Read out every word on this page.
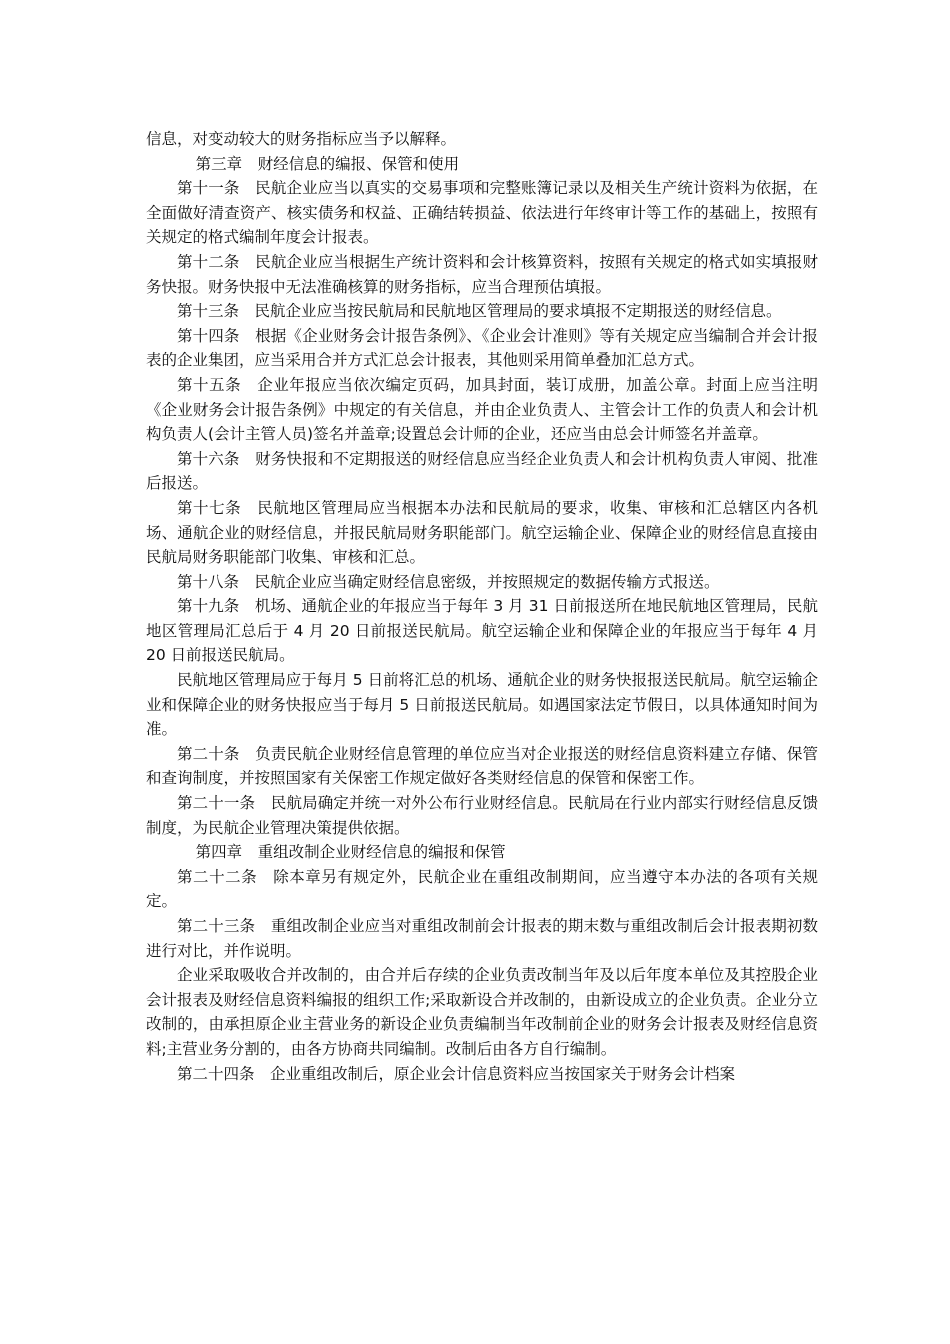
信息，对变动较大的财务指标应当予以解释。

第三章　财经信息的编报、保管和使用

第十一条　民航企业应当以真实的交易事项和完整账簿记录以及相关生产统计资料为依据，在全面做好清查资产、核实债务和权益、正确结转损益、依法进行年终审计等工作的基础上，按照有关规定的格式编制年度会计报表。

第十二条　民航企业应当根据生产统计资料和会计核算资料，按照有关规定的格式如实填报财务快报。财务快报中无法准确核算的财务指标，应当合理预估填报。

第十三条　民航企业应当按民航局和民航地区管理局的要求填报不定期报送的财经信息。

第十四条　根据《企业财务会计报告条例》、《企业会计准则》等有关规定应当编制合并会计报表的企业集团，应当采用合并方式汇总会计报表，其他则采用简单叠加汇总方式。

第十五条　企业年报应当依次编定页码，加具封面，装订成册，加盖公章。封面上应当注明《企业财务会计报告条例》中规定的有关信息，并由企业负责人、主管会计工作的负责人和会计机构负责人(会计主管人员)签名并盖章;设置总会计师的企业，还应当由总会计师签名并盖章。

第十六条　财务快报和不定期报送的财经信息应当经企业负责人和会计机构负责人审阅、批准后报送。

第十七条　民航地区管理局应当根据本办法和民航局的要求，收集、审核和汇总辖区内各机场、通航企业的财经信息，并报民航局财务职能部门。航空运输企业、保障企业的财经信息直接由民航局财务职能部门收集、审核和汇总。

第十八条　民航企业应当确定财经信息密级，并按照规定的数据传输方式报送。

第十九条　机场、通航企业的年报应当于每年 3 月 31 日前报送所在地民航地区管理局，民航地区管理局汇总后于 4 月 20 日前报送民航局。航空运输企业和保障企业的年报应当于每年 4 月 20 日前报送民航局。

民航地区管理局应于每月 5 日前将汇总的机场、通航企业的财务快报报送民航局。航空运输企业和保障企业的财务快报应当于每月 5 日前报送民航局。如遇国家法定节假日，以具体通知时间为准。

第二十条　负责民航企业财经信息管理的单位应当对企业报送的财经信息资料建立存储、保管和查询制度，并按照国家有关保密工作规定做好各类财经信息的保管和保密工作。

第二十一条　民航局确定并统一对外公布行业财经信息。民航局在行业内部实行财经信息反馈制度，为民航企业管理决策提供依据。

第四章　重组改制企业财经信息的编报和保管

第二十二条　除本章另有规定外，民航企业在重组改制期间，应当遵守本办法的各项有关规定。

第二十三条　重组改制企业应当对重组改制前会计报表的期末数与重组改制后会计报表期初数进行对比，并作说明。

企业采取吸收合并改制的，由合并后存续的企业负责改制当年及以后年度本单位及其控股企业会计报表及财经信息资料编报的组织工作;采取新设合并改制的，由新设成立的企业负责。企业分立改制的，由承担原企业主营业务的新设企业负责编制当年改制前企业的财务会计报表及财经信息资料;主营业务分割的，由各方协商共同编制。改制后由各方自行编制。

第二十四条　企业重组改制后，原企业会计信息资料应当按国家关于财务会计档案
